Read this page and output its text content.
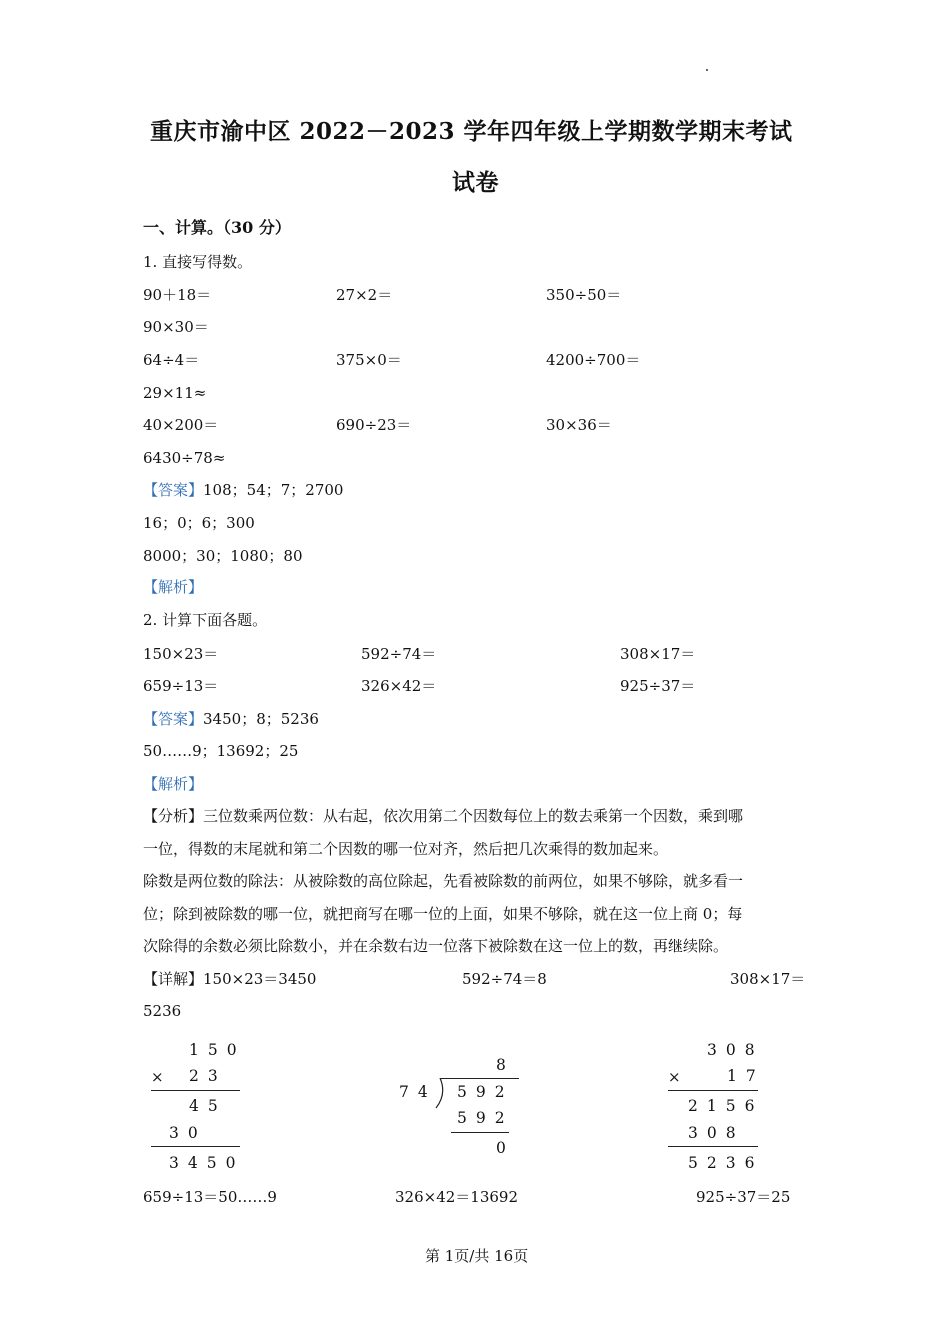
重庆市渝中区 2022－2023 学年四年级上学期数学期末考试
试卷
一、计算。（30 分）
1. 直接写得数。
90＋18＝	27×2＝	350÷50＝
90×30＝
64÷4＝	375×0＝	4200÷700＝
29×11≈
40×200＝	690÷23＝	30×36＝
6430÷78≈
【答案】108；54；7；2700
16；0；6；300
8000；30；1080；80
【解析】
2. 计算下面各题。
150×23＝	592÷74＝	308×17＝
659÷13＝	326×42＝	925÷37＝
【答案】3450；8；5236
50……9；13692；25
【解析】
【分析】三位数乘两位数：从右起，依次用第二个因数每位上的数去乘第一个因数，乘到哪
一位，得数的末尾就和第二个因数的哪一位对齐，然后把几次乘得的数加起来。
除数是两位数的除法：从被除数的高位除起，先看被除数的前两位，如果不够除，就多看一
位；除到被除数的哪一位，就把商写在哪一位的上面，如果不够除，就在这一位上商 0；每
次除得的余数必须比除数小，并在余数右边一位落下被除数在这一位上的数，再继续除。
【详解】150×23＝3450	592÷74＝8	308×17＝
5236
150
× 23
45
30
3450
8
74 592
592
0
308
×	17
2156
308
5236
659÷13＝50……9	326×42＝13692	925÷37＝25
第 1页/共 16页
